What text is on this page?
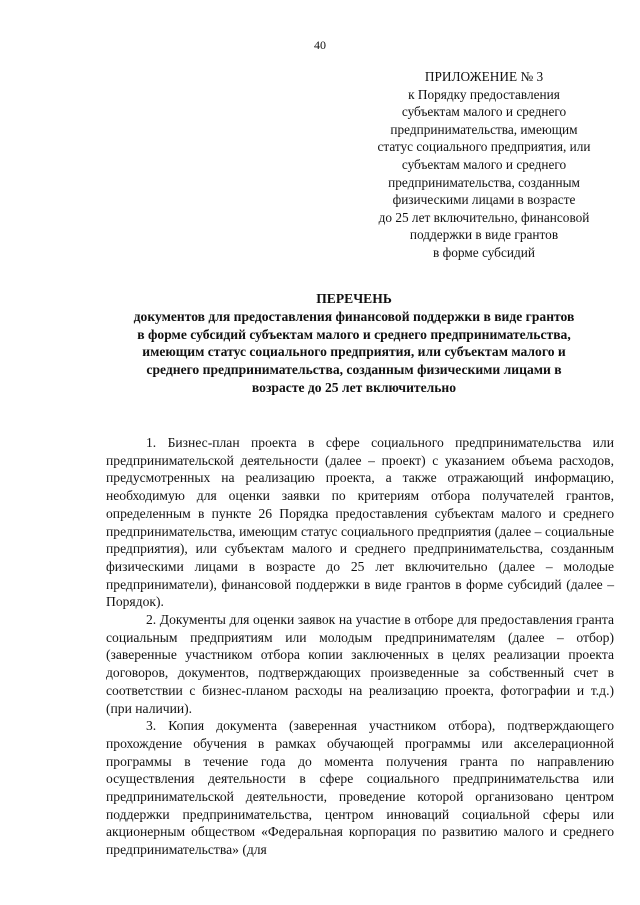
40
ПРИЛОЖЕНИЕ № 3
к Порядку предоставления
субъектам малого и среднего
предпринимательства, имеющим
статус социального предприятия, или
субъектам малого и среднего
предпринимательства, созданным
физическими лицами в возрасте
до 25 лет включительно, финансовой
поддержки в виде грантов
в форме субсидий
ПЕРЕЧЕНЬ
документов для предоставления финансовой поддержки в виде грантов
в форме субсидий субъектам малого и среднего предпринимательства,
имеющим статус социального предприятия, или субъектам малого и
среднего предпринимательства, созданным физическими лицами в
возрасте до 25 лет включительно

1. Бизнес-план проекта в сфере социального предпринимательства или предпринимательской деятельности (далее – проект) с указанием объема расходов, предусмотренных на реализацию проекта, а также отражающий информацию, необходимую для оценки заявки по критериям отбора получателей грантов, определенным в пункте 26 Порядка предоставления субъектам малого и среднего предпринимательства, имеющим статус социального предприятия (далее – социальные предприятия), или субъектам малого и среднего предпринимательства, созданным физическими лицами в возрасте до 25 лет включительно (далее – молодые предприниматели), финансовой поддержки в виде грантов в форме субсидий (далее – Порядок).

2. Документы для оценки заявок на участие в отборе для предоставления гранта социальным предприятиям или молодым предпринимателям (далее – отбор) (заверенные участником отбора копии заключенных в целях реализации проекта договоров, документов, подтверждающих произведенные за собственный счет в соответствии с бизнес-планом расходы на реализацию проекта, фотографии и т.д.) (при наличии).

3. Копия документа (заверенная участником отбора), подтверждающего прохождение обучения в рамках обучающей программы или акселерационной программы в течение года до момента получения гранта по направлению осуществления деятельности в сфере социального предпринимательства или предпринимательской деятельности, проведение которой организовано центром поддержки предпринимательства, центром инноваций социальной сферы или акционерным обществом «Федеральная корпорация по развитию малого и среднего предпринимательства» (для
